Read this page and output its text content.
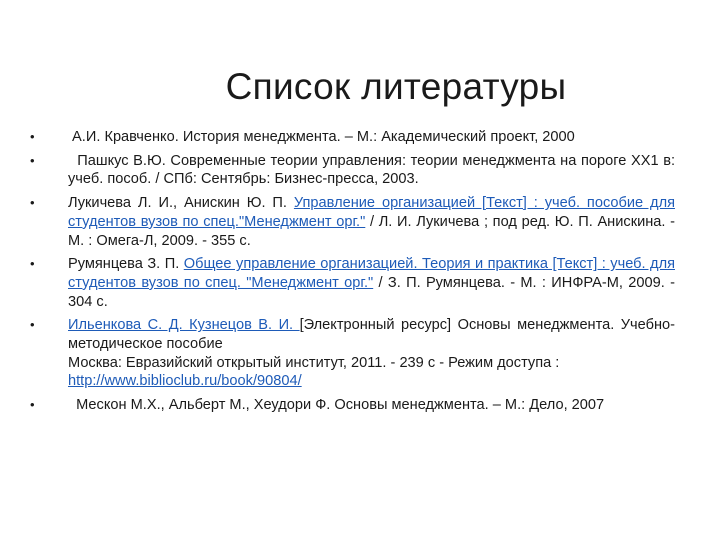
Список литературы
•	А.И. Кравченко. История менеджмента. – М.: Академический проект, 2000
•	Пашкус В.Ю. Современные теории управления: теории менеджмента на пороге XX1 в: учеб. пособ. / СПб: Сентябрь: Бизнес-пресса, 2003.
•	Лукичева Л. И., Анискин Ю. П. Управление организацией [Текст] : учеб. пособие для студентов вузов по спец."Менеджмент орг." / Л. И. Лукичева ; под ред. Ю. П. Анискина. - М. : Омега-Л, 2009. - 355 с.
•	Румянцева З. П. Общее управление организацией. Теория и практика [Текст] : учеб. для студентов вузов по спец. "Менеджмент орг." / З. П. Румянцева. - М. : ИНФРА-М, 2009. - 304 с.
•	Ильенкова С. Д. Кузнецов В. И. [Электронный ресурс] Основы менеджмента. Учебно-методическое пособие

Москва: Евразийский открытый институт, 2011. - 239 с - Режим доступа :

http://www.biblioclub.ru/book/90804/

•	Мескон М.Х., Альберт М., Хеудори Ф. Основы менеджмента. – М.: Дело, 2007
